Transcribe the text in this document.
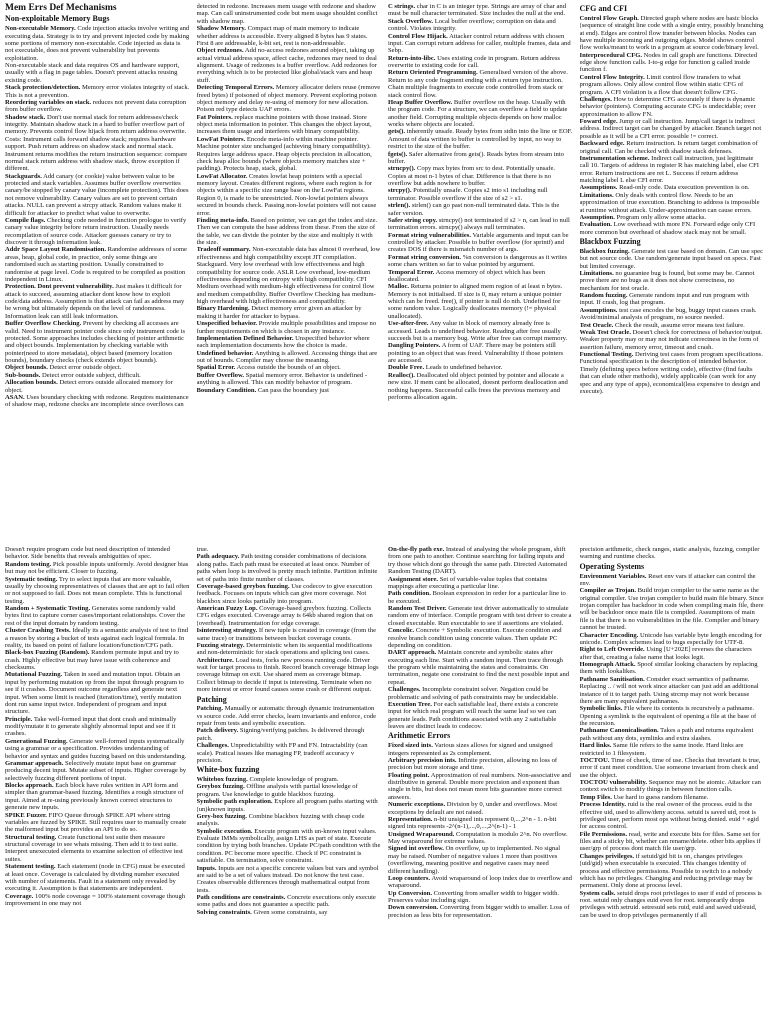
Mem Errs Def Mechanisms
Non-exploitable Memory Bugs

Non-executable Memory. Code injection attacks involve writing and executing data. Strategy is to try and prevent injected code by making some portions of memory non-executable. Code injected as data is not executable, does not prevent vulnerability but prevents exploitation.

Non-executable stack and data requires OS and hardware support, usually with a flag in page tables. Doesn't prevent attacks reusing existing code.

Stack protection/detection. Memory error violates integrity of stack. This is not a prevention.

Reordering variables on stack. reduces not prevent data corruption from buffer overflow.

Shadow stack. Don't use normal stack for return addresses/check integrity. Maintain shadow stack in a hard to buffer overflow part of memory. Prevents control flow hijack from return address overwrite. Costs: Instrument calls forward shadow stack; requires hardware support. Push return address on shadow stack and normal stack. Instrument returns modifies the return instruction sequence: compare normal stack return address with shadow stack, throw exception if different.

Stackguards. Add canary (or cookie) value between value to be protected and stack variables. Assumes buffer overflow overwrites canary/be stopped by canary value (incomplete protection). This does not remove vulnerability. Canary values are set to prevent certain attacks. NULL can prevent a strcpy attack. Random values make it difficult for attacker to predict what value to overwrite.

Compile flags. Checking code needed in function prologue to verify canary value integrity before return instruction. Usually needs recompilation of source code. Attacker guesses canary or try to discover it through information leak.

Addr Space Layout Randomisation. Randomise addresses of some areas, heap, global code, in practice, only some things are randomised such as starting position. Usually constrained to randomise at page level. Code is required to be compiled as position independent in Linux.

Protection. Dont prevent vulnerability. Just makes it difficult for attack to succeed, assuming attacker dont know how to exploit code/data address. Assumption is that attack can fail as address may be wrong but ultimately depends on the level of randomness. Information leak can still leak information.

Buffer Overflow Checking. Prevent by checking all accesses are valid. Need to instrument pointer code since only instrument code is protected. Some approaches includes checking of pointer arithmetic and object bounds. Implementation by checking variable with pointer(need to store metadata), object based (memory location bounds), boundary checks (check extends object bounds).

Object bounds. Detect error outside object.

Sub-bounds. Detect error outside subject, difficult.

Allocation bounds. Detect errors outside allocated memory for object.

ASAN. Uses boundary checking with redzone. Requires maintenance of shadow map, redzone checks are incomplete since overflows can

detected in redzone. Increases mem usage with redzone and shadow map. Can call uninstrumented code but mem usage shouldnt conflict with shadow map.

Shadow Memory. Compact map of main memory to indicate whether address is accessible. Every aligned 8 bytes has 9 states. First 8 are addressable, k-bit set, rest is non-addressable.

Object redzones. Add no-access redzones around object, taking up actual virtual address space, affect cache, redzones may need to deal alignment. Usage of redzones is a buffer overflow. Add redzones for everything which is to be protected like global/stack vars and heap stuff.

Detecting Temporal Errors. Memory allocator defers reuse (remove freed bytes) if poisoned of object memory. Prevent exploring poison object memory and delay re-using of memory for new allocation. Poison red type detects UAF errors.

Fat Pointers. replace machine pointers with those instead. Store object meta information in pointer. This changes the object layout, increases them usage and interferes with binary compatibility.

LowFat Pointers. Encode meta-info within machine pointer. Machine pointer size unchanged (achieving binary compatibility). Requires large address space. Heap objects precision in allocation, check heap alloc bounds (where objects memory matches size + padding). Protects heap, stack, global.

LowFat Allocator. Creates lowfat heap pointers with a special memory layout. Creates different regions, where each region is for objects within a specific size range base on the LowFat regions. Region 0, is made to be unrestricted. Non-lowfat pointers always secured in bounds check. Passing non-lowfat pointers will not cause error.

Finding meta-info. Based on pointer, we can get the index and size. Then we can compute the base address from these. From the size of the table, we can divide the pointer by the size and multiply it with the size.

Tradeoff summary. Non-executable data has almost 0 overhead, low effectiveness and high compatibility except JIT compilation. Stackguard. Very low overhead with low effectiveness and high compatibility for source code. ASLR Low overhead, low-medium effectiveness depending on entropy with high compatibility. CFI Medium overhead with medium-high effectiveness for control flow and medium compatibility. Buffer Overflow Checking has medium-high overhead with high effectiveness and compatibility.

Binary Hardening. Detect memory error given an attacker by making it harder for attacker to bypass.

Unspecified behavior. Provide multiple possibilities and impose no further requirements on which is chosen in any instance.

Implementation Defined Behavior. Unspecified behavior where each implementation documents how the choice is made.

Undefined behavior. Anything is allowed. Accessing things that are out of bounds. Compiler may choose the meaning.

Spatial Error. Access outside the bounds of an object.

Buffer Overflow. Spatial memory error. Behavior is undefined - anything is allowed. This can modify behavior of program.

Boundary Condition. Can pass the boundary just

C strings. char in C is an integer type. Strings are array of char and must be null character terminated. Size includes the null at the end.

Stack Overflow. Local buffer overflow; corruption on data and control. Violates integrity.

Control Flow Hijack. Attacker control return address with chosen input. Can corrupt return address for caller, multiple frames, data and Sebp.

Return-into-libc. Uses existing code in program. Return address overwrite to existing code for call.

Return Oriented Programming. Generalised version of the above. Return to any code fragment ending with a return type instruction. Chain multiple fragments to execute code controlled from stack or stack control flow.

Heap Buffer Overflow. Buffer overflow on the heap. Usually with the program code. For a structure, we can overflow a field to update another field. Corrupting multiple objects depends on how malloc works where objects are located.

gets(). inherently unsafe. Ready bytes from stdin into the line or EOF. Amount of data written to buffer is controlled by input, no way to restrict to the size of the buffer.

fgets(). Safer alternative from gets(). Reads bytes from stream into buffer.

strncpy(). Copy max bytes from src to dest. Potentially unsafe. Copies at most n-1 bytes of char. Difference is that there is no overflow but adds nowhere to buffer.

strcpy(). Potentially unsafe. Copies s2 into s1 including null terminator. Possible overflow if the size of s2 > s1.

strlen(). strlen() can go past non-null terminated data. This is the safer version.

Safer string copy. strncpy() not terminated if s2 > n, can lead to null termination errors. strncpy() always null terminates.

Format string vulnerabilities. Variable arguments and input can be controlled by attacker. Possible to buffer overflow (for sprintf) and creates DOS if there is mismatch number of args.

Format string conversion. %n conversion is dangerous as it writes some chars written so far to value pointed by argument.

Temporal Error. Access memory of object which has been deallocated.

Malloc. Returns pointer to aligned mem region of at least n bytes. Memory is not initialised. If size is 0, may return a unique pointer which can be freed. free(), if pointer is null do nth. Undefined for some random value. Logically deallocates memory (!= physical unallocated).

Use-after-free. Any value in block of memory already free is accessed. Leads to undefined behavior. Reading after free usually succeeds but is a memory bug. Write after free can corrupt memory.

Dangling Pointers. A form of UAF. There may be pointers still pointing to an object that was freed. Vulnerability if those pointers are accessed.

Double Free. Leads to undefined behavior.

Realloc(). Deallocated old object pointed by pointer and allocate a new size. If mem cant be allocated, doesnt perform deallocation and nothing happens. Successful calls frees the previous memory and performs allocation again.

CFG and CFI

Control Flow Graph. Directed graph where nodes are basic blocks (sequence of straight line code with a single entry, possibly branching at end). Edges are control flow transfer between blocks. Nodes can have multiple incoming and outgoing edges. Model shows control flow works/meant to work in a program at source code/binary level.

Interprocedural CFG. Nodes in call graph are functions. Directed edge show function calls. I-to-g edge for function g called inside function f.

Control Flow Integrity. Limit control flow transfers to what program allows. Only allow control flow within static CFG of program. A CFI violation is a flow that doesn't follow CFG.

Challenges. How to determine CFG accurately if there is dynamic behavior (pointers). Computing accurate CFG is undecidable; over approximation to allow FN.

Foward edge. Jump or call instruction. Jump/call target is indirect address. Indirect target can be changed by attacker. Branch target not possible as it will be a CFI error. possible != correct.

Backward edge. Return instruction. Is return target combination of original call. Can be checked with shadow stack defenses.

Instrumentation scheme. Indirect call instruction, just legitimate call 10. Targets of address in register R has matching label, else CFI error. Return instructions are ret L. Success if return address matching label L else CFI error.

Assumptions. Read-only code. Data execution prevention is on.

Limitations. Only deals with control flow. Needs to be an approximation of true execution. Branching to address is impossible at runtime without attack. Under-approximation can cause errors.

Assumption. Program only allow some attacks.

Evaluation. Low overhead with more FN. Forward edge only CFI more common but overhead of shadow stack may not be small.

Blackbox Fuzzing

Blackbox fuzzing. Generate test case based on domain. Can use spec but not source code. Use random/generate input based on specs. Fast but limited coverage.

Limitations. no guarantee bug is found, but some may be. Cannot prove there are no bugs as it does not show correctness, no mechanism for test oracle.

Random fuzzing. Generate random input and run program with input. If crash, log that program.

Assumptions. test case encodes the bug, buggy input causes crash. Avoid/minimal analysis of program, no source needed.

Test Oracle. Check the result, assume error means test failure.

Weak Test Oracle. Doesn't check for correctness of behavior/output. Weaker property may or may not indicate correctness in the form of assertion failure, memory error, timeout and crash.

Functional Testing. Deriving test cases from program specifications. Functional specification is the description of intended behavior. Timely (defining specs before writing code), effective (find faults that can elude other methods), widely applicable (can work for any spec and any type of apps), economical(less expensive to design and execute).

Doesn't require program code but need description of intended behavior. Side benefits that reveals ambiguities of spec.

Random testing. Pick possible inputs uniformly. Avoid designer bias but may not be efficient. Closer to fuzzing.

Systematic testing. Try to select inputs that are more valuable, usually by choosing representatives of classes that are apt to fail often or not supposed to fail. Does not mean complete. This is functional testing.

Random + Systematic Testing. Generates some randomly valid bytes first to capture corner cases/important relationships. Cover the rest of the input domain by random testing.

Cluster Crashing Tests. Ideally its a semantic analysis of test to find a reason by storing a bucket of tests against each logical formula. In reality, its based on point of failure location/function/CFG path.

Black-box Fuzzing (Random). Random permute input and try to crash. Highly effective but may have issue with coherence and checksums.

Mutational Fuzzing. Taken in seed and mutation input. Obtain an input by performing mutation op from the input through program to see if it crashes. Document outcome regardless and generate next input. When some limit is reached (iteration/time), verify mutation dont run same input twice. Independent of program and input structure.

Principle. Take well-formed input that dont crash and minimally modify/mutate it to generate slightly abnormal input and see if it crashes.

Generational Fuzzing. Generate well-formed inputs systematically using a grammar or a specification. Provides understanding of behavior and syntax and guides fuzzing based on this understanding.

Grammar approach. Selectively mutate input base on grammar producing decent input. Mutate subset of inputs. Higher coverage by selectively fuzzing different portions of input.

Blocks approach. Each block have rules written in API form and simpler than grammar-based fuzzing. Identifies a rough structure of input. Aimed at re-using previously known correct structures to generate new inputs.

SPIKE Fuzzer. FIFO Queue through SPIKE API where string variables are fuzzed by SPIKE. Still requires user to manually create the malformed input but provides an API to do so.

Structural testing. Create functional test suite then measure structural coverage to see whats missing. Then add it to test suite. Interpret unexecuted elements to examine selection of effective test suites.

Statement testing. Each statement (node in CFG) must be executed at least once. Coverage is calculated by dividing number executed with number of statements. Fault in a statement only revealed by executing it. Assumption is that statements are independent.

Coverage. 100% node coverage = 100% statement coverage though improvement in one may not

true.

Path adequacy. Path testing consider combinations of decisions along paths. Each path must be executed at least once. Number of paths when loop is involved is pretty much infinite. Partition infinite set of paths into finite number of classes.

Coverage-based greybox fuzzing. Use codecov to give execution feedback. Focuses on inputs which can give more coverage. Not blackbox since looks partially into program.

American Fuzzy Lop. Coverage-based greybox fuzzing. Collects CFG edges executed. Coverage array is 64kb shared region that on (overhead). Instrumentation for edge coverage.

Isinteresting strategy. If new tuple is created in coverage (from the same trace) or transitions between bucket coverage counts.

Fuzzing strategy. Deterministic when its sequential modifications and non-deterministic for stack operations and splicing test cases.

Architecture. Load tests, forks new process running code. Driver wait for target process to finish. Record branch coverage bitmap logs coverage bitmap on exit. Use shared mem as coverage bitmap. Collect bitmap to decide if input is interesting. Terminate when no more interest or error found causes some crash or different output.

Patching

Patching. Manually or automatic through dynamic instrumentation vs source code. Add error checks, learn invariants and enforce, code repair from tests and symbolic execution.

Patch delivery. Signing/verifying patches. Is delivered through patch.

Challenges. Unpredictability with FP and FN. Intractability (can scale). Pratical issues like managing FP, tradeoff accuracy v precision.

White-box fuzzing

Whitebox fuzzing. Complete knowledge of program.

Greybox fuzzing. Offline analysis with partial knowledge of program. Use knowledge to guide blackbox fuzzing.

Symbolic path exploration. Explore all program paths starting with (un)known inputs.

Grey-box fuzzing. Combine blackbox fuzzing with cheap code analysis.

Symbolic execution. Execute program with un-known input values. Evaluate IMMs symbolically, assign LHS as part of state. Execute condition by trying both branches. Update PC/path condition with the condition. PC become more specific. Check if PC constraint is satisfiable. On termination, solve constraint.

Inputs. Inputs are not a specific concrete values but vars and symbol are said to be a set of values instead. Do not know the test case. Creates observable differences through mathematical output from tests.

Path conditions are constraints. Concrete executions only execute some paths and does not guarantee a specific path.

Solving constraints. Given some constraints, say

On-the-fly path exe. Instead of analysing the whole program, shift from one path to another. Continue searching for failing inputs and try those which dont go through the same path. Directed Automated Random Testing (DART).

Assignment store. Set of variable-value tuples that contains mappings after executing a particular line.

Path condition. Boolean expression in order for a particular line to be executed.

Random Test Driver. Generate test driver automatically to simulate random env of interface. Compile program with test driver to create a closed executable. Run executable to see if assertions are violated.

Concolic. Concrete + Symbolic execution. Execute condition and resolve branch condition using concrete values. Then update PC depending on condition.

DART approach. Maintain concrete and symbolic states after executing each line. Start with a random input. Then trace through the program while maintaining the states and constraints. On termination, negate one constraint to find the next possible input and repeat.

Challenges. Incomplete constraint solver. Negation could be problematic and solving of path constraints may be undecidable.

Execution Tree. For each satisfiable leaf, there exists a concrete input for which real program will reach the same leaf so we can generate leads. Path conditions associated with any 2 satisfiable leaves are distinct leads to codecov.

Arithmetic Errors

Fixed sized ints. Various sizes allows for signed and unsigned integers represented as 2s complement.

Arbitrary precision ints. Infinite precision, allowing no loss of precision but more storage and time.

Floating point. Approximation of real numbers. Non-associative and distributive in general. Double more precision and exponent than single in bits, but does not mean more bits guarantee more correct answers.

Numeric exceptions. Division by 0, under and overflows. Most exceptions by default are not raised.

Representation. n-bit unsigned ints represent 0,...,2^n - 1. n-bit signed ints represents -2^(n-1),...,0,...,2^(n-1) - 1

Unsigned Wraparound. Computation is modulo 2^n. No overflow. May wraparound for extreme values.

Signed int overflow. On overflow, up to implemented. No signal may be raised. Number of negative values 1 more than positives (overflowing, meaning positive and negative cases may need different handling).

Loop counters. Avoid wraparound of loop index due to overflow and wraparound.

Up Conversion. Converting from smaller width to bigger width. Preserves value including sign.

Down conversion. Converting from bigger width to smaller. Loss of precision as less bits for representation.

precision arithmetic, check ranges, static analysis, fuzzing, compiler warning and runtime checks.

Operating Systems

Environment Variables. Reset env vars if attacker can control the env.

Compiler as Trojan. Build trojan compiler to the same name as the original compiler. Use trojan compiler to build main file binary. Since trojan compiler has backdoor in code when compiling main file, there will be backdoor once main file is compiled. Assumptions of main file is that there is no vulnerabilities in the file. Compiler and binary cannot be trusted.

Character Encoding. Unicode has variable byte length encoding for unicode. Complex schemes lead to bugs especially for UTF-8.

Right to Left Override. Using [U+202E] reverses the characters after that, creating a false name that looks legit.

Homograph Attack. Spoof similar looking characters by replacing them with lookalikes.

Pathname Sanitisation. Consider exact semantics of pathname. Replacing .. / will not work since attacker can just add an additional instance of it to target path. Using strcmp may not work because there are many equivalent pathnames.

Symbolic links. File where its contents is recursively a pathname. Opening a symlink is the equivalent of opening a file at the base of the recursion.

Pathname Canonicalisation. Takes a path and returns equivalent path without any dots, symlinks and extra slashes.

Hard links. Same file refers to the same inode. Hard links are restricted to 1 filesystem.

TOCTOU. Time of check, time of use. Checks that invariant is true, error if cant meet condition. Use someone invariant from check and use the object.

TOCTOU vulnerability. Sequence may not be atomic. Attacker can context switch to modify things in between function calls.

Temp Files. Use hard to guess random filename.

Process Identity. ruid is the real owner of the process. euid is the effective uid, used to allow/deny access. setuid is saved uid, root is privileged user, perform most ops without being denied. euid + egid for access control.

File Permissions. read, write and execute bits for files. Same set for files and a sticky bit, whether can rename/delete. other bits applies if user/grp of process dont match file user/grp.

Changes privileges. if setuid/gid bit is on, changes privileges (uid/gid) when executable is executed. This changes identity of process and effective permissions. Possible to switch to a nobody which has no privileges. Changing and reducing privilege may be permanent. Only done at process level.

System calls. setuid drops root privileges to user if euid of process is root. setuid only changes euid even for root. temporarily drops privileges with setruid. setresuid sets ruid, euid and saved uid/euid, can be used to drop privileges permanently if all
